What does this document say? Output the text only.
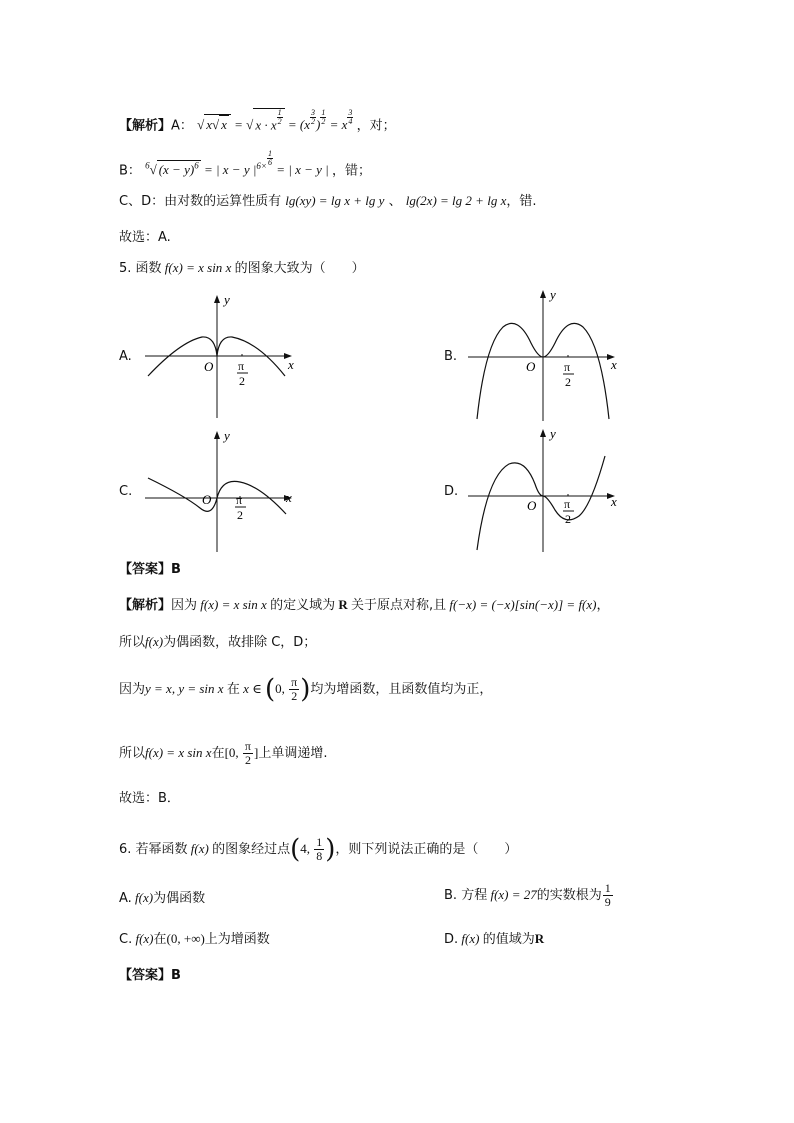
【解析】A： √ x√ x = √ x · x $\frac{1}{2} = (x \frac{3}{2}$ ) $\frac{1}{2} = x \frac{3}{4}$ ，对；
B： $^6$√ $(x - y)^6$ = | x − y $|^{6\times \frac{1}{6}}$
= | x − y | ，错；
C、D：由对数的运算性质有 lg(xy) = lg x + lg y 、 lg(2x) = lg 2 + lg x，错.
故选：A.
5. 函数 f(x) = x sin x 的图象大致为（　　）
A.
x
y
O π
2
B.
x
y
O π
2
C.	x
y
O π
2
D.
x
y
O π
2
【答案】B
【解析】因为 f(x) = x sin x 的定义域为 R 关于原点对称,且 f(−x) = (−x)[sin(−x)] = f(x)，
所以f(x)为偶函数，故排除 C，D；
因为y = x, y = sin x 在 x ∈ (0, $\frac{\pi}{2}$ )均为增函数，且函数值均为正，
所以f(x) = x sin x在[0, $\frac{\pi}{2}$ ]上单调递增.
故选：B．
6. 若幂函数 f(x) 的图象经过点(4, $\frac{1}{8}$ )，则下列说法正确的是（　　）
A. f(x)为偶函数	B. 方程 f(x) = 27的实数根为 $\frac{1}{9}$
C. f(x)在(0, +∞)上为增函数	D. f(x) 的值域为R
【答案】B
